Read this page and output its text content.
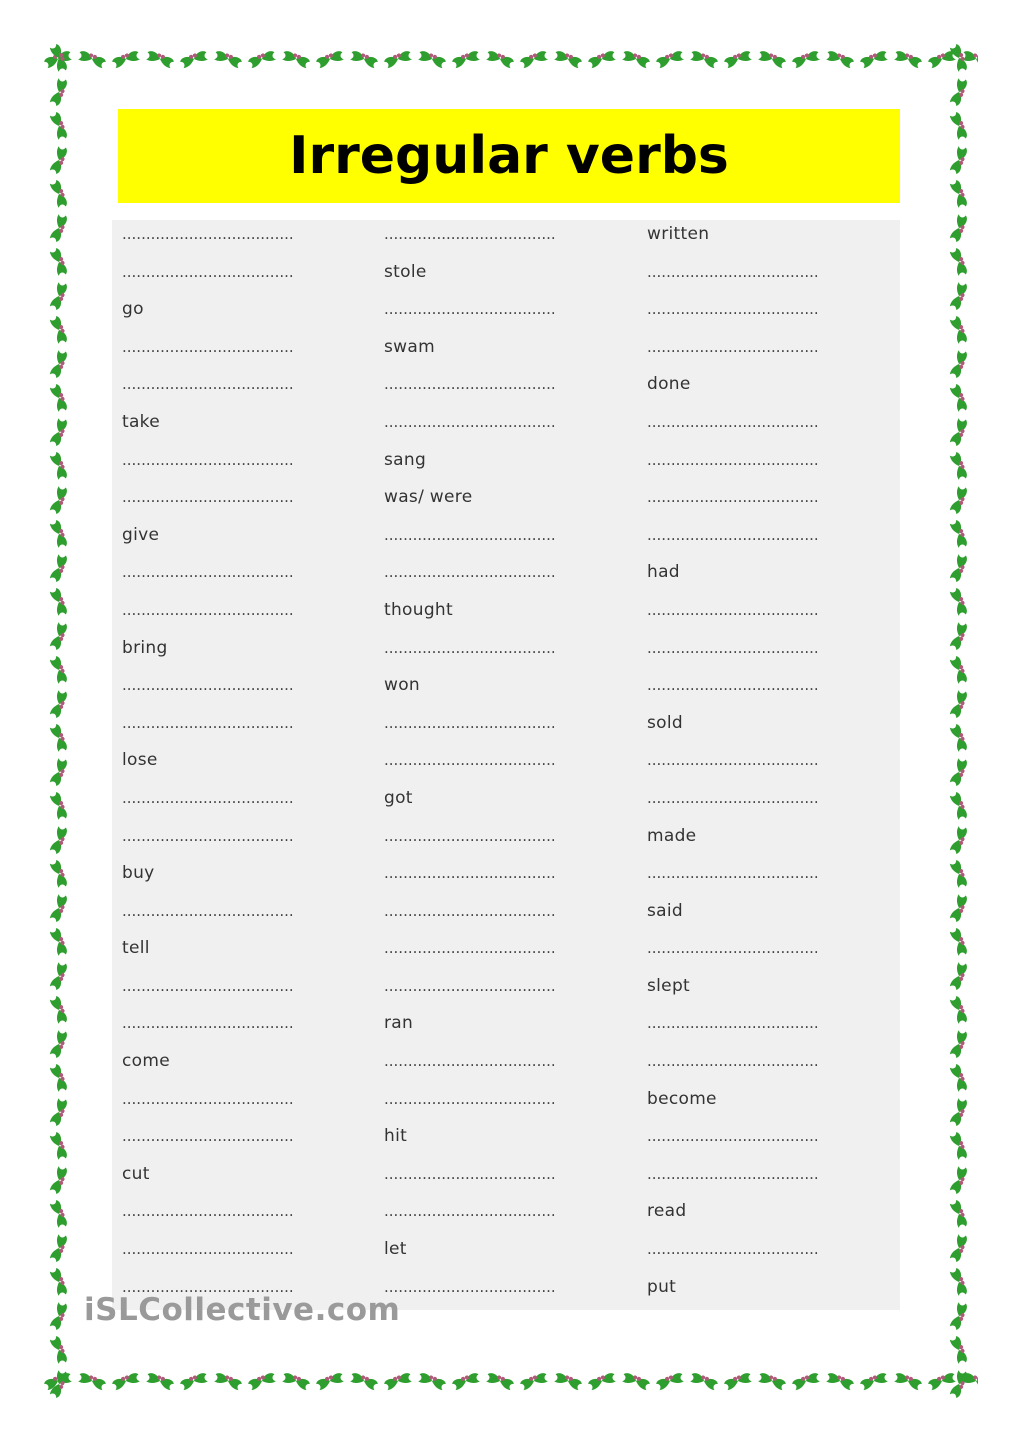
Irregular verbs
....................................
....................................
go
....................................
....................................
take
....................................
....................................
give
....................................
....................................
bring
....................................
....................................
lose
....................................
....................................
buy
....................................
tell
....................................
....................................
come
....................................
....................................
cut
....................................
....................................
....................................
....................................
stole
....................................
swam
....................................
....................................
sang
was/ were
....................................
....................................
thought
....................................
won
....................................
....................................
got
....................................
....................................
....................................
....................................
....................................
ran
....................................
....................................
hit
....................................
....................................
let
....................................
written
....................................
....................................
....................................
done
....................................
....................................
....................................
....................................
had
....................................
....................................
....................................
sold
....................................
....................................
made
....................................
said
....................................
slept
....................................
....................................
become
....................................
....................................
read
....................................
put
iSLCollective.com
